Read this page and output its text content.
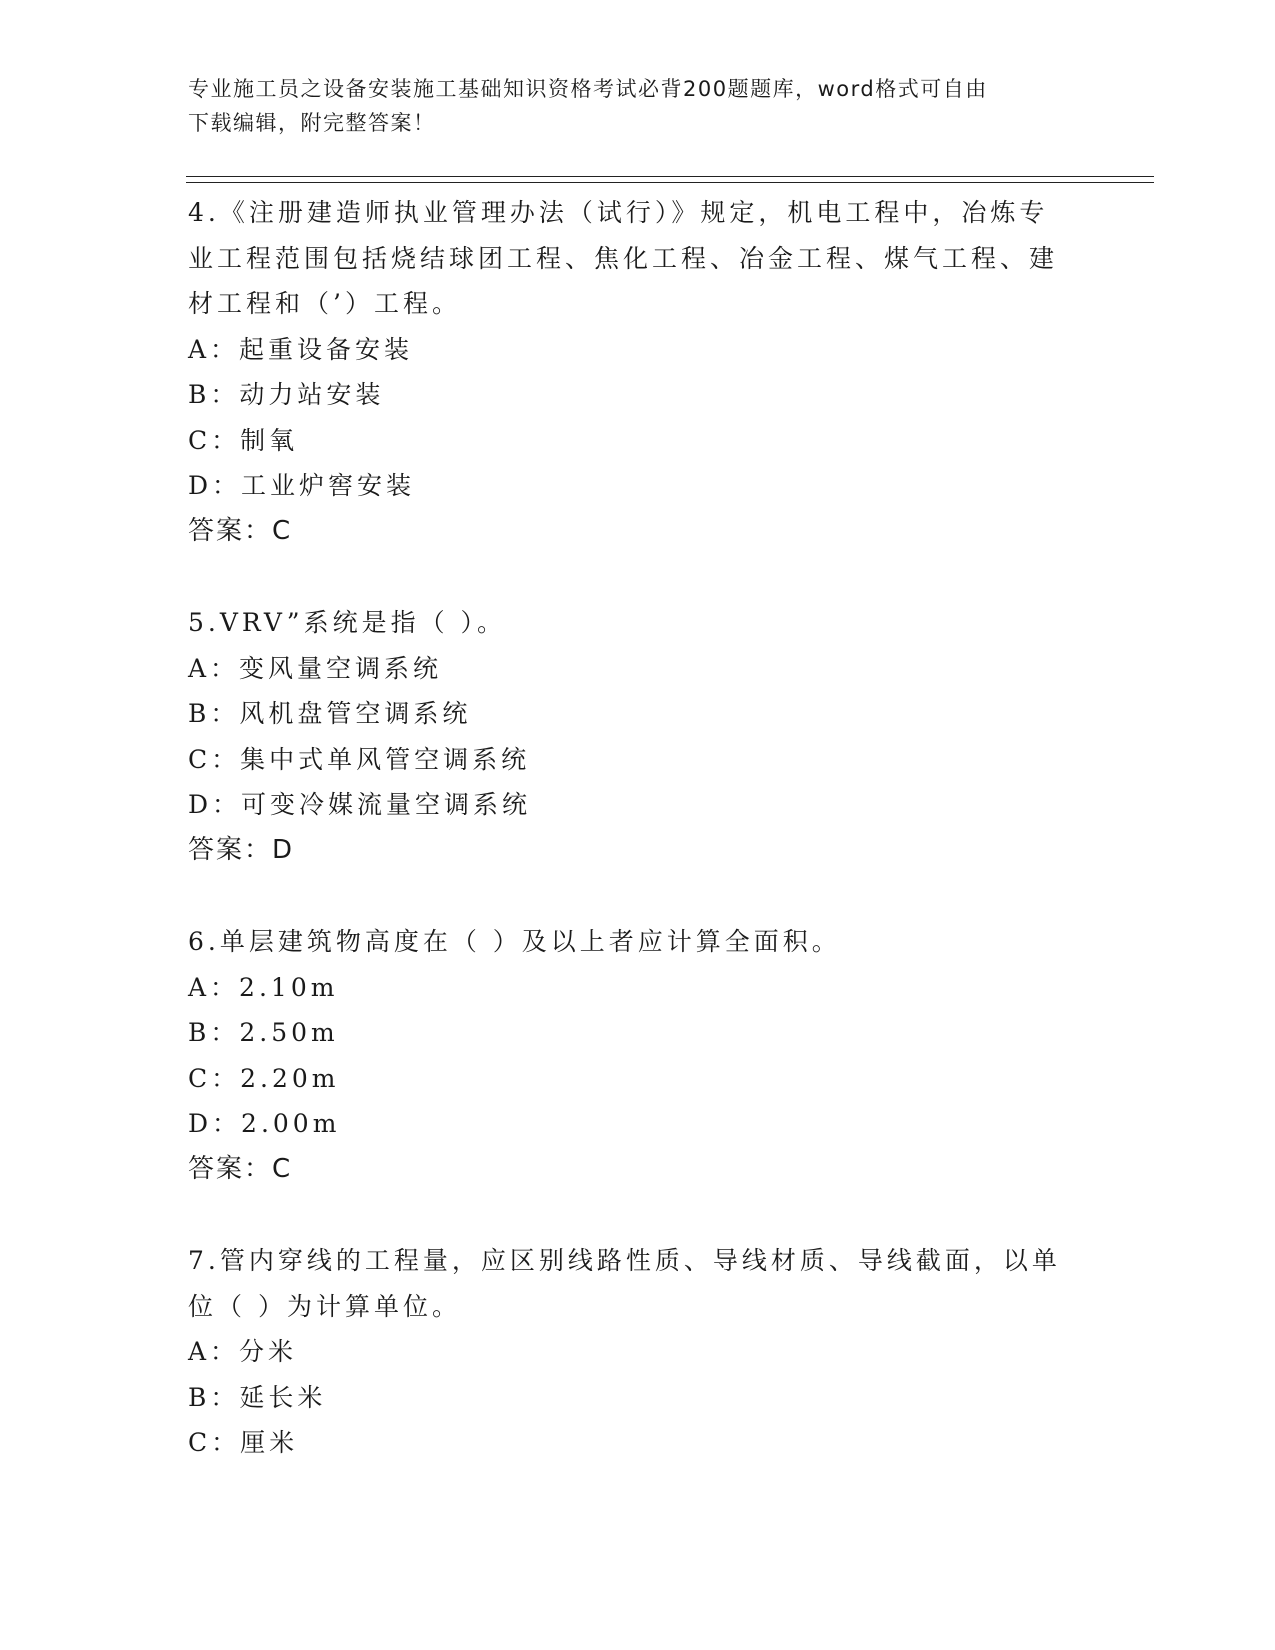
专业施工员之设备安装施工基础知识资格考试必背200题题库，word格式可自由
下载编辑，附完整答案！
4.《注册建造师执业管理办法（试行）》规定，机电工程中，冶炼专
业工程范围包括烧结球团工程、焦化工程、冶金工程、煤气工程、建
材工程和（’）工程。
A：起重设备安装
B：动力站安装
C：制氧
D：工业炉窖安装
答案：C
5.VRV”系统是指（ ）。
A：变风量空调系统
B：风机盘管空调系统
C：集中式单风管空调系统
D：可变冷媒流量空调系统
答案：D
6.单层建筑物高度在（ ）及以上者应计算全面积。
A：2.10m
B：2.50m
C：2.20m
D：2.00m
答案：C
7.管内穿线的工程量，应区别线路性质、导线材质、导线截面，以单
位（ ）为计算单位。
A：分米
B：延长米
C：厘米
